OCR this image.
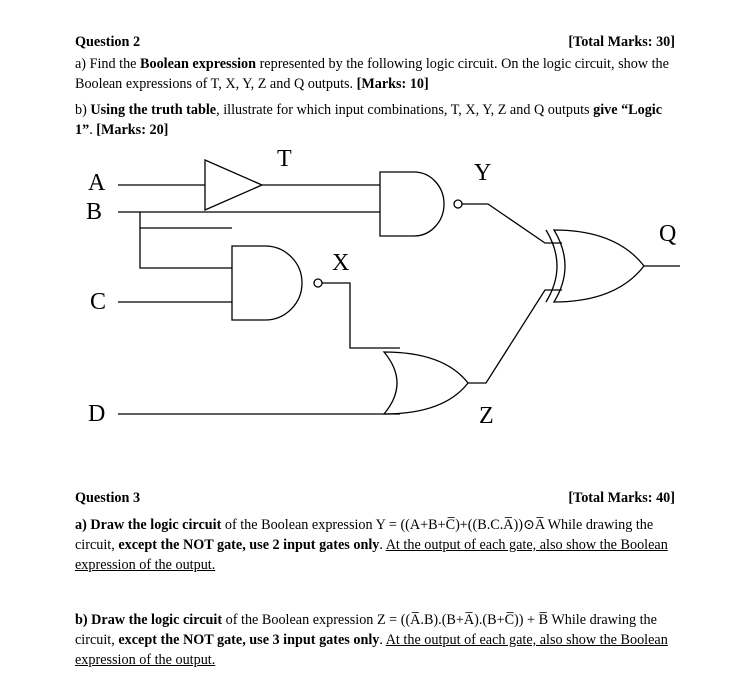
Question 2	[Total Marks: 30]
a) Find the Boolean expression represented by the following logic circuit. On the logic circuit, show the
Boolean expressions of T, X, Y, Z and Q outputs. [Marks: 10]
b) Using the truth table, illustrate for which input combinations, T, X, Y, Z and Q outputs give “Logic
1”. [Marks: 20]
A
B
C
D
T
X
Y
Z
Q
Question 3	[Total Marks: 40]
a) Draw the logic circuit of the Boolean expression Y = ((A+B+C̅)+((B.C.A̅))⊙A̅ While drawing the
circuit, except the NOT gate, use 2 input gates only. At the output of each gate, also show the Boolean
expression of the output.
b) Draw the logic circuit of the Boolean expression Z = ((A̅.B).(B+A̅).(B+C̅)) + B̅ While drawing the
circuit, except the NOT gate, use 3 input gates only. At the output of each gate, also show the Boolean
expression of the output.
